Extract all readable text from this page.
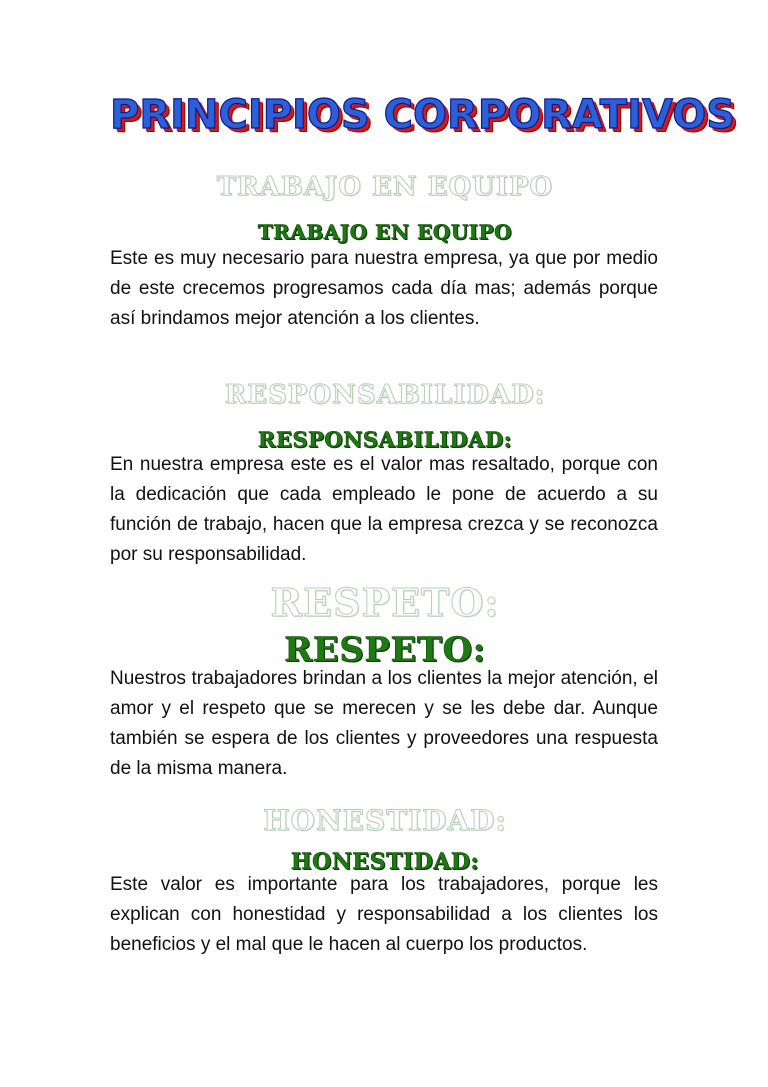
PRINCIPIOS CORPORATIVOS
TRABAJO EN EQUIPO
TRABAJO EN EQUIPO
Este es muy necesario para nuestra empresa, ya que por medio de este crecemos progresamos cada día mas; además porque así brindamos mejor atención a los clientes.
RESPONSABILIDAD:
RESPONSABILIDAD:
En nuestra empresa este es el valor mas resaltado, porque con la dedicación que cada empleado le pone de acuerdo a su función de trabajo, hacen que la empresa crezca y se reconozca por su responsabilidad.
RESPETO:
RESPETO:
Nuestros trabajadores brindan a los clientes la mejor atención, el amor y el respeto que se merecen y se les debe dar. Aunque también se espera de los clientes y proveedores una respuesta de la misma manera.
HONESTIDAD:
HONESTIDAD:
Este valor es importante para los trabajadores, porque les explican con honestidad y responsabilidad a los clientes los beneficios y el mal que le hacen al cuerpo los productos.
